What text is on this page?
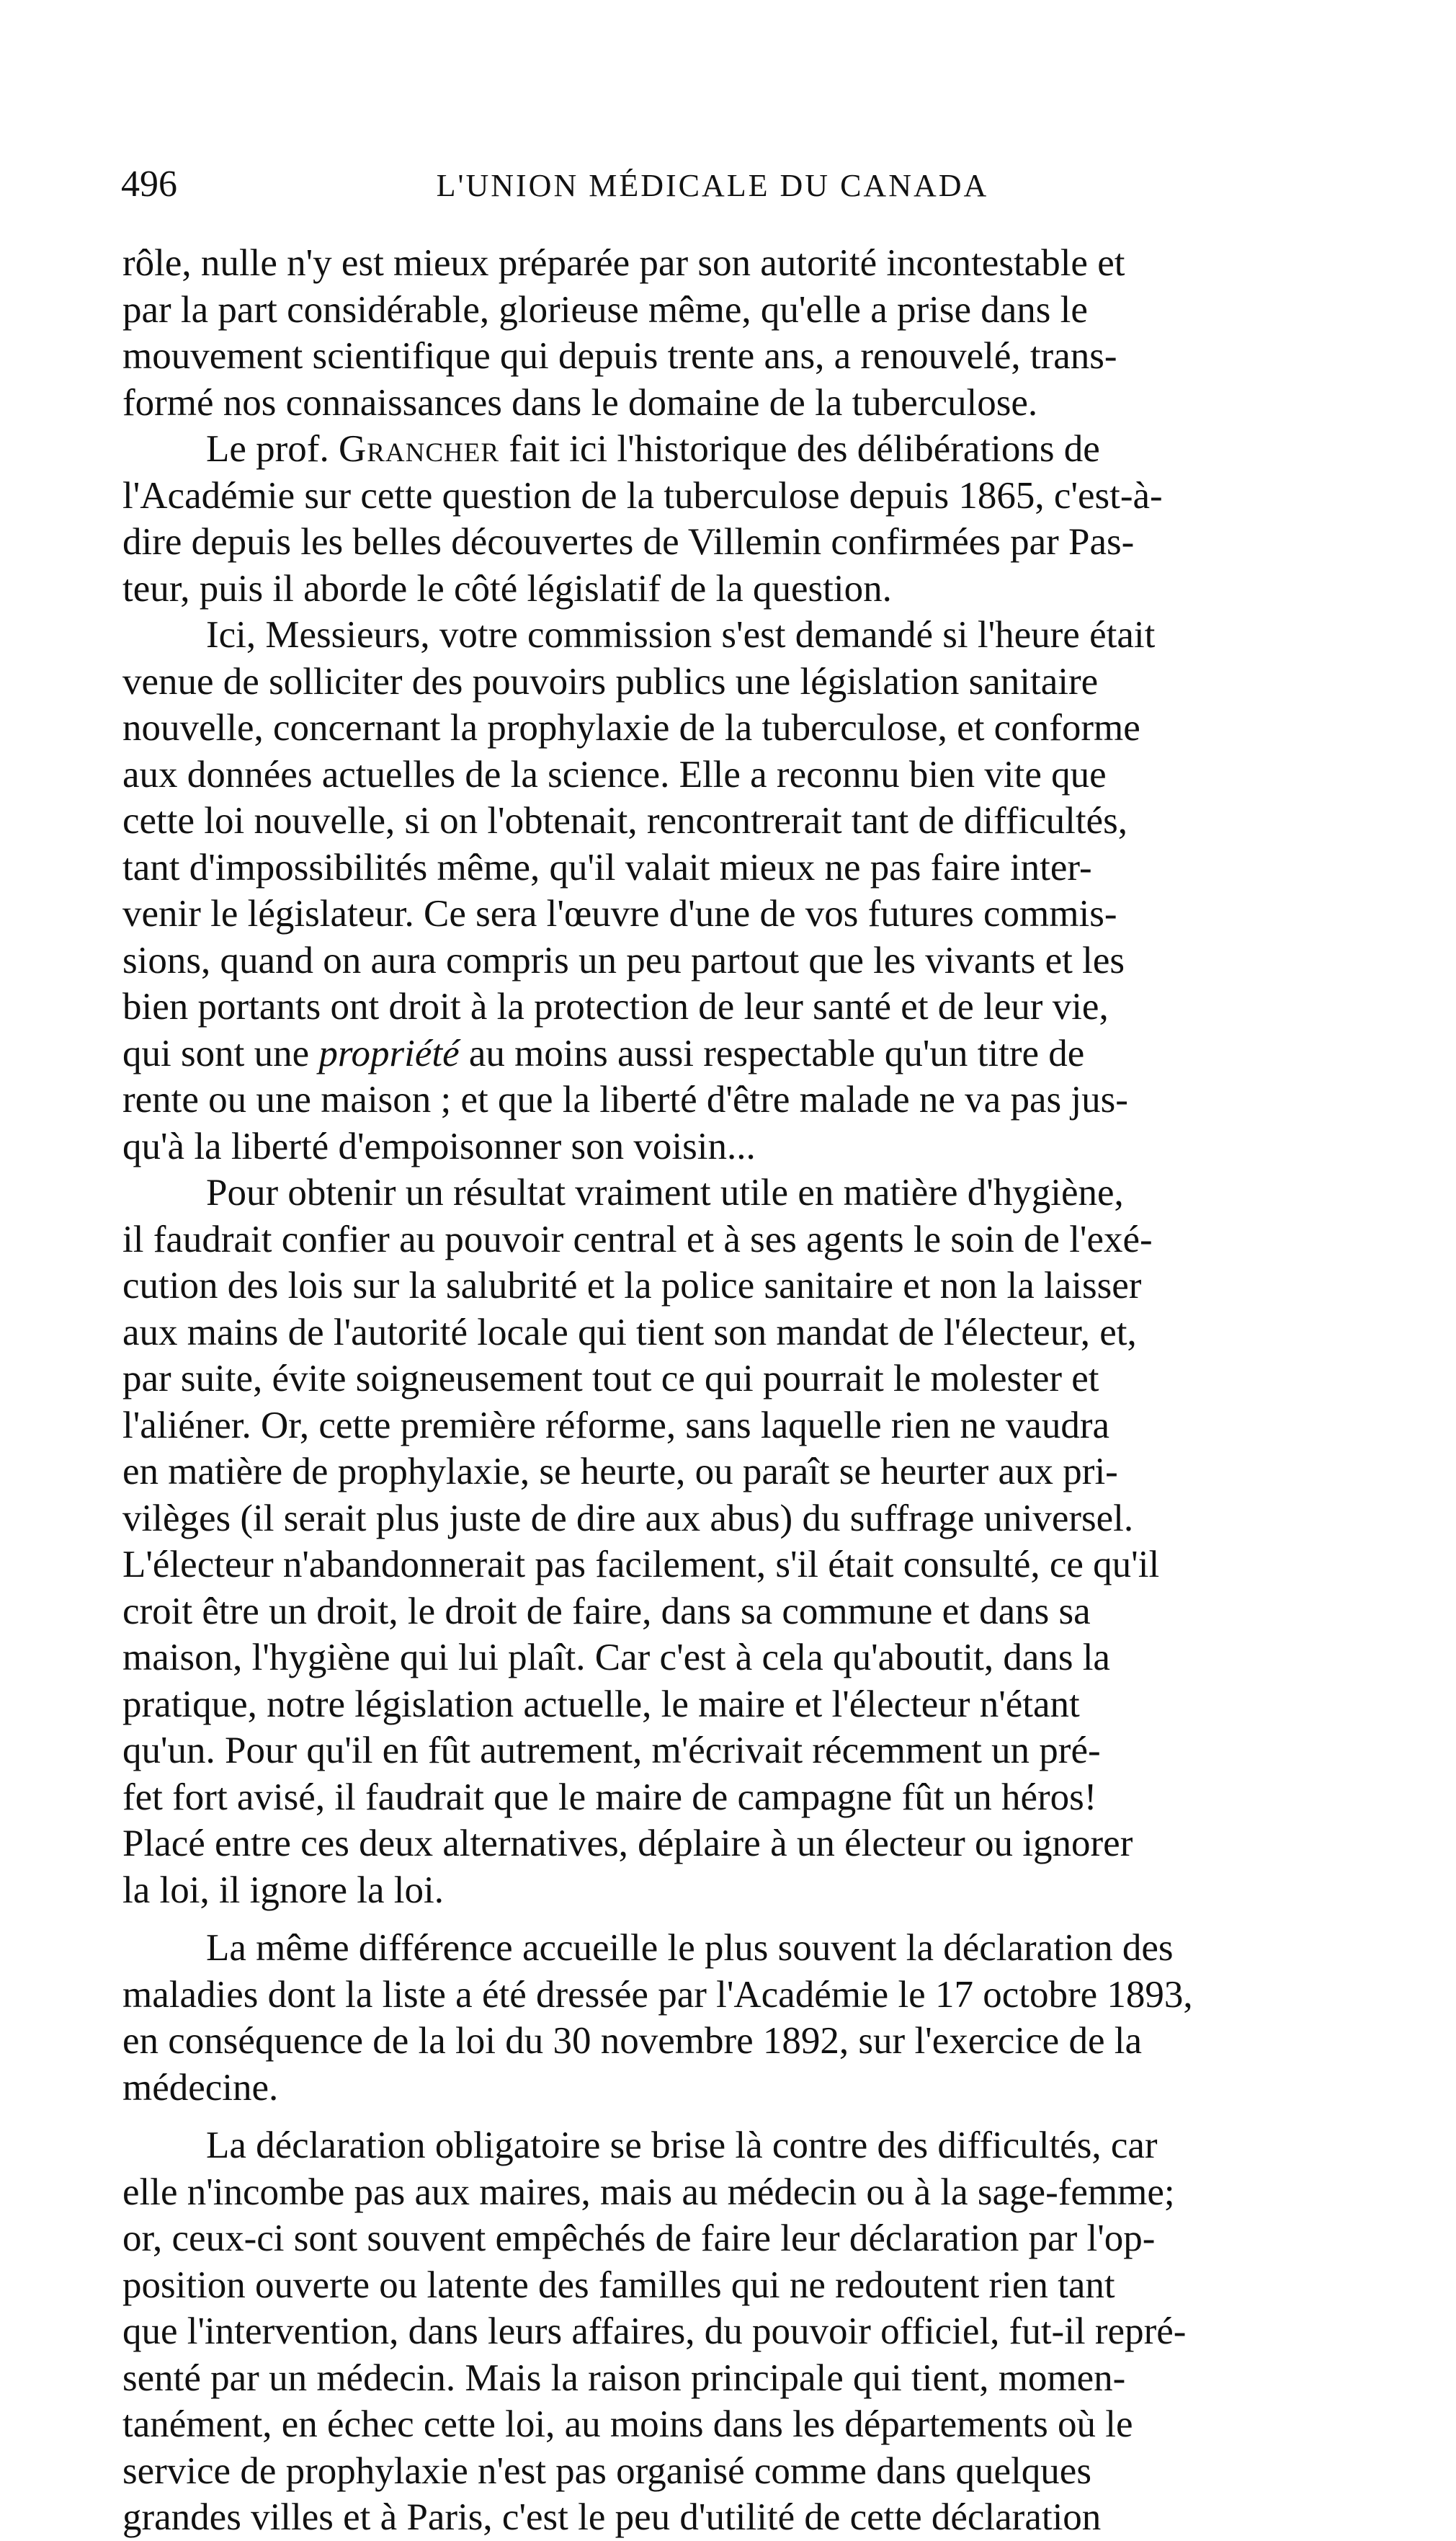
496	L'UNION MÉDICALE DU CANADA
rôle, nulle n'y est mieux préparée par son autorité incontestable et
par la part considérable, glorieuse même, qu'elle a prise dans le
mouvement scientifique qui depuis trente ans, a renouvelé, trans-
formé nos connaissances dans le domaine de la tuberculose.
Le prof. Grancher fait ici l'historique des délibérations de
l'Académie sur cette question de la tuberculose depuis 1865, c'est-à-
dire depuis les belles découvertes de Villemin confirmées par Pas-
teur, puis il aborde le côté législatif de la question.
Ici, Messieurs, votre commission s'est demandé si l'heure était
venue de solliciter des pouvoirs publics une législation sanitaire
nouvelle, concernant la prophylaxie de la tuberculose, et conforme
aux données actuelles de la science. Elle a reconnu bien vite que
cette loi nouvelle, si on l'obtenait, rencontrerait tant de difficultés,
tant d'impossibilités même, qu'il valait mieux ne pas faire inter-
venir le législateur. Ce sera l'œuvre d'une de vos futures commis-
sions, quand on aura compris un peu partout que les vivants et les
bien portants ont droit à la protection de leur santé et de leur vie,
qui sont une propriété au moins aussi respectable qu'un titre de
rente ou une maison ; et que la liberté d'être malade ne va pas jus-
qu'à la liberté d'empoisonner son voisin...
Pour obtenir un résultat vraiment utile en matière d'hygiène,
il faudrait confier au pouvoir central et à ses agents le soin de l'exé-
cution des lois sur la salubrité et la police sanitaire et non la laisser
aux mains de l'autorité locale qui tient son mandat de l'électeur, et,
par suite, évite soigneusement tout ce qui pourrait le molester et
l'aliéner. Or, cette première réforme, sans laquelle rien ne vaudra
en matière de prophylaxie, se heurte, ou paraît se heurter aux pri-
vilèges (il serait plus juste de dire aux abus) du suffrage universel.
L'électeur n'abandonnerait pas facilement, s'il était consulté, ce qu'il
croit être un droit, le droit de faire, dans sa commune et dans sa
maison, l'hygiène qui lui plaît. Car c'est à cela qu'aboutit, dans la
pratique, notre législation actuelle, le maire et l'électeur n'étant
qu'un. Pour qu'il en fût autrement, m'écrivait récemment un pré-
fet fort avisé, il faudrait que le maire de campagne fût un héros!
Placé entre ces deux alternatives, déplaire à un électeur ou ignorer
la loi, il ignore la loi.
La même différence accueille le plus souvent la déclaration des
maladies dont la liste a été dressée par l'Académie le 17 octobre 1893,
en conséquence de la loi du 30 novembre 1892, sur l'exercice de la
médecine.
La déclaration obligatoire se brise là contre des difficultés, car
elle n'incombe pas aux maires, mais au médecin ou à la sage-femme;
or, ceux-ci sont souvent empêchés de faire leur déclaration par l'op-
position ouverte ou latente des familles qui ne redoutent rien tant
que l'intervention, dans leurs affaires, du pouvoir officiel, fut-il repré-
senté par un médecin. Mais la raison principale qui tient, momen-
tanément, en échec cette loi, au moins dans les départements où le
service de prophylaxie n'est pas organisé comme dans quelques
grandes villes et à Paris, c'est le peu d'utilité de cette déclaration
